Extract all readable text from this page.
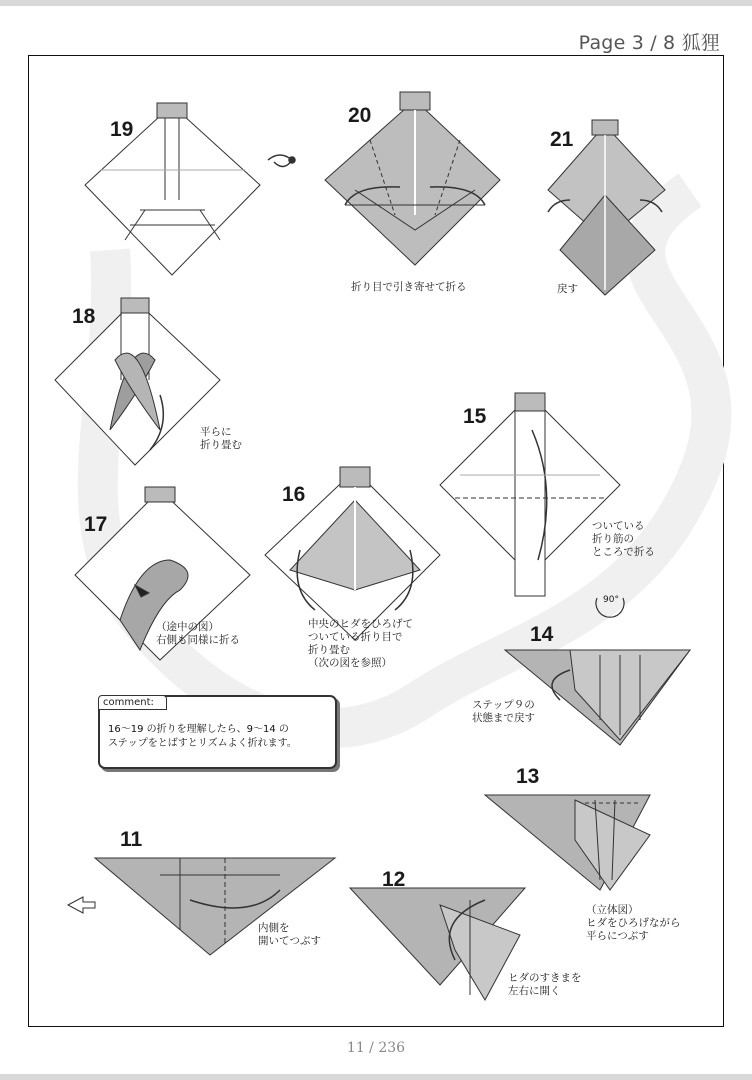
Page 3 / 8 狐狸
19
20
21
18
15
16
17
14
13
11
12
折り目で引き寄せて折る	戻す
平らに
折り畳む
ついている
折り筋の
ところで折る
90°
（途中の図）
右側も同様に折る
中央のヒダをひろげて
ついている折り目で
折り畳む
（次の図を参照）
ステップ９の
状態まで戻す
（立体図）
ヒダをひろげながら
平らにつぶす
内側を
開いてつぶす
ヒダのすきまを
左右に開く
comment:
16〜19 の折りを理解したら、9〜14 の
ステップをとばすとリズムよく折れます。
11 / 236
